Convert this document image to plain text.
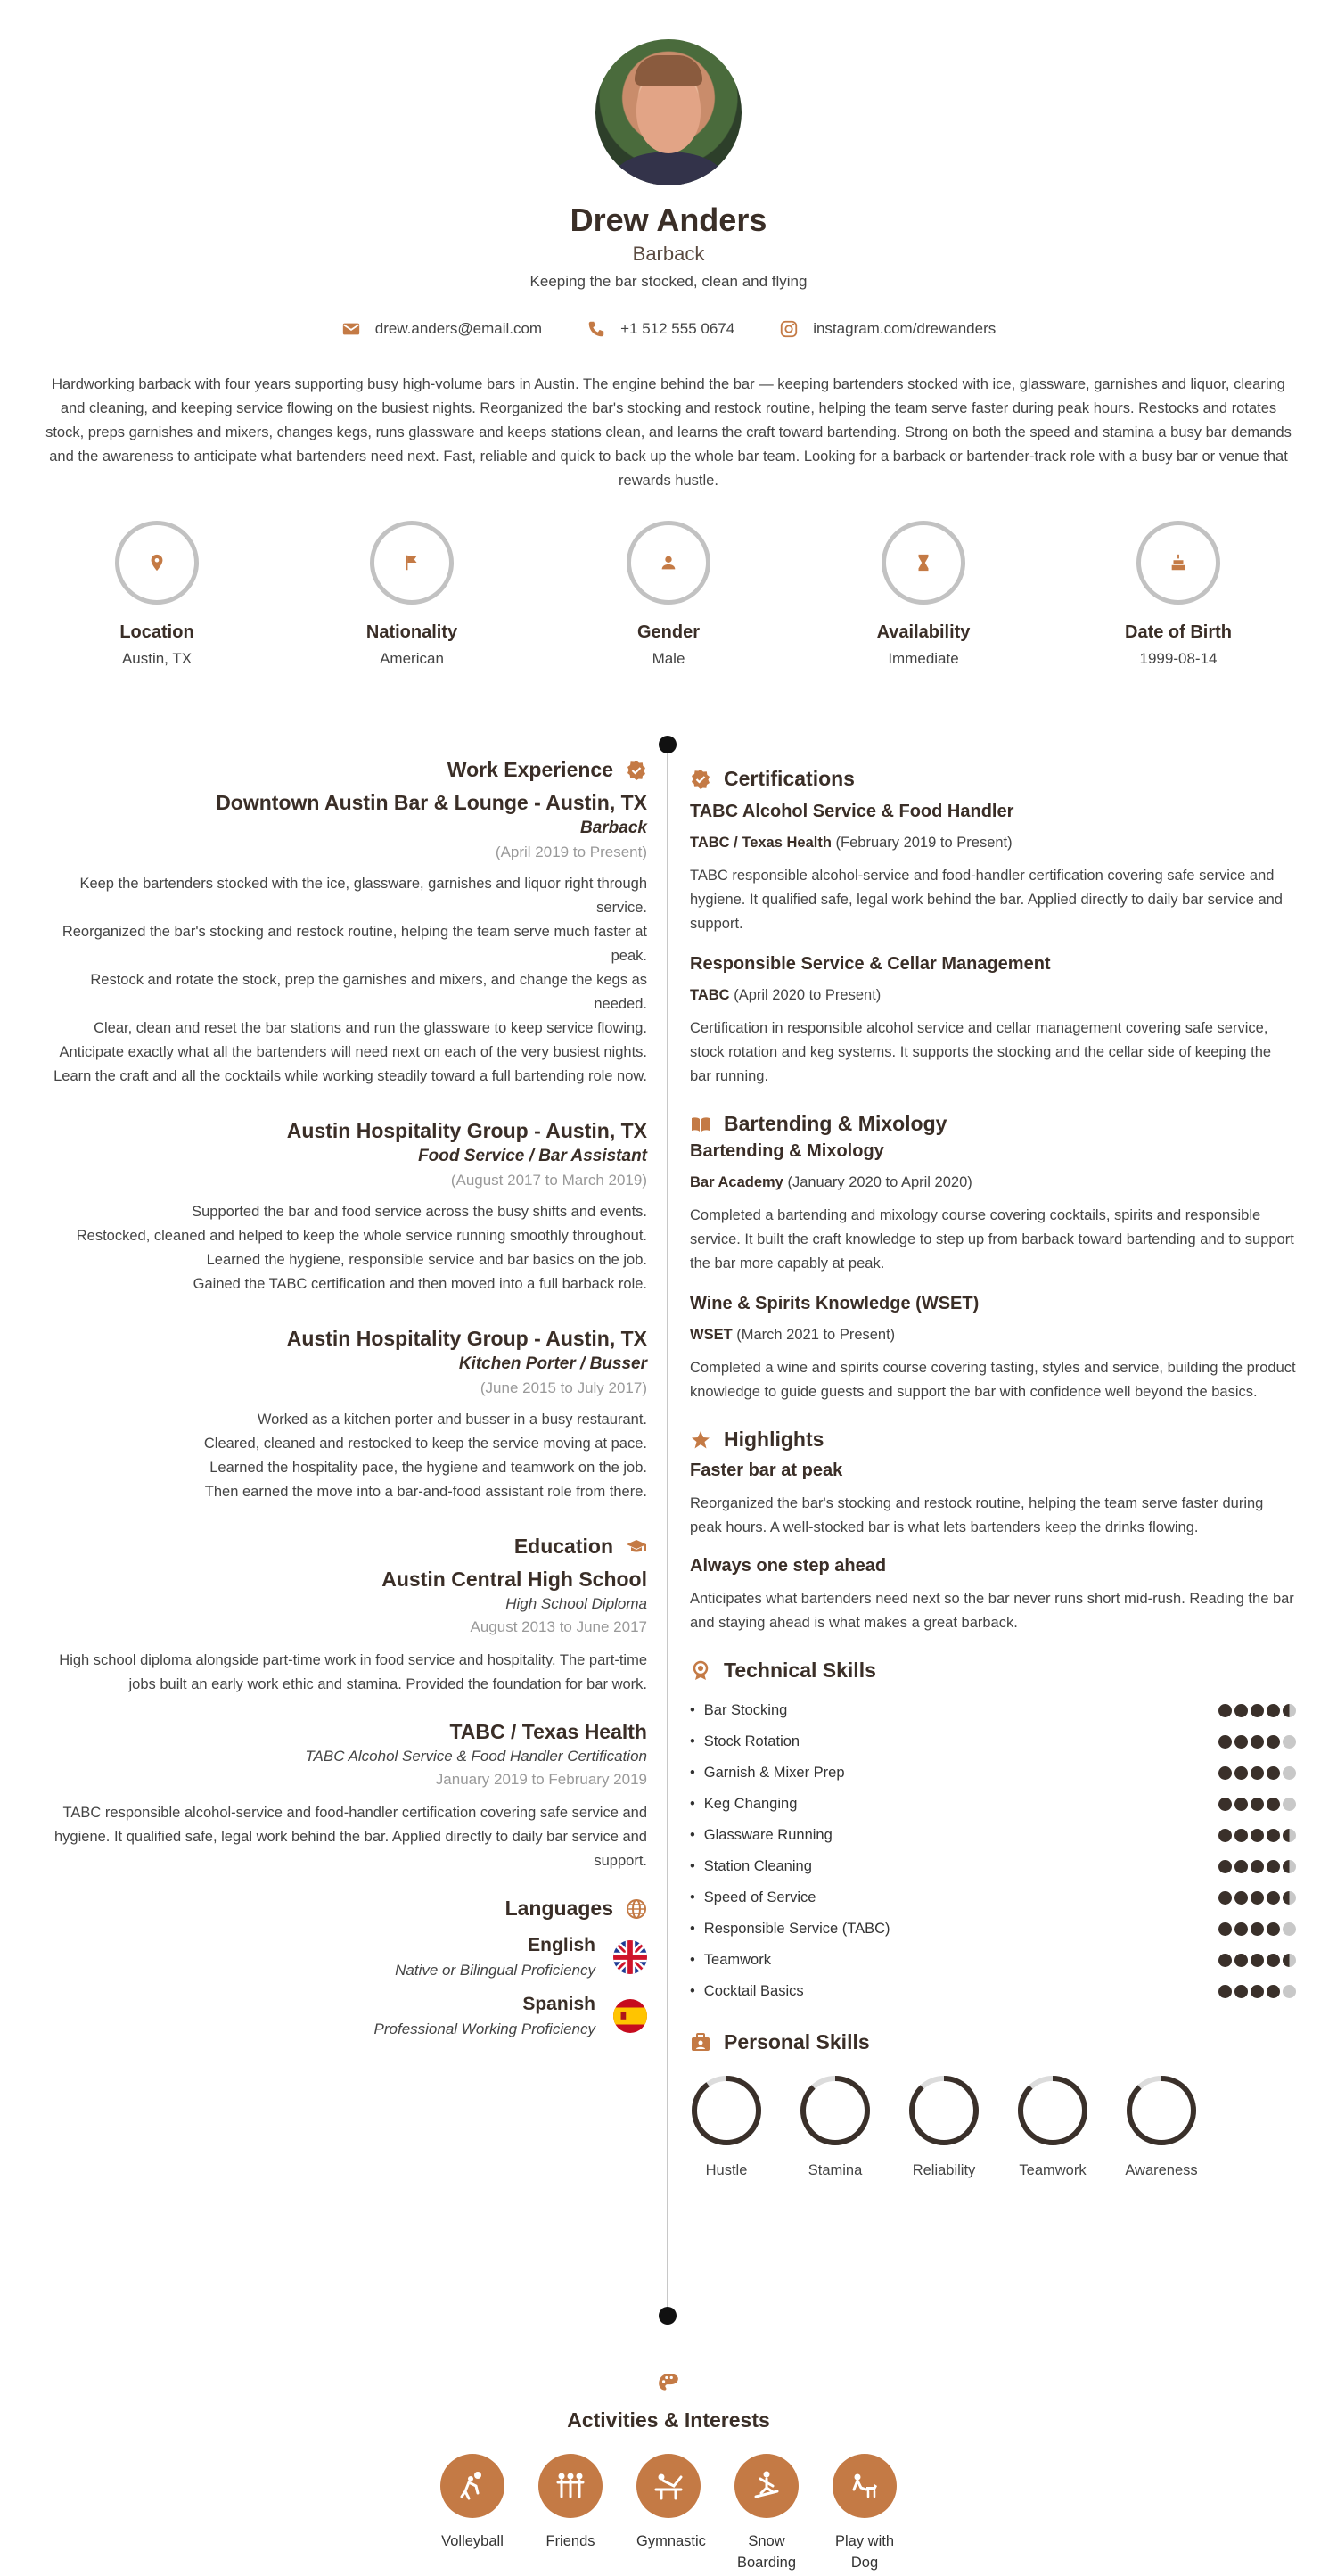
Drew Anders
Barback
Keeping the bar stocked, clean and flying
drew.anders@email.com	+1 512 555 0674	instagram.com/drewanders
Hardworking barback with four years supporting busy high-volume bars in Austin. The engine behind the bar — keeping bartenders stocked with ice, glassware, garnishes and liquor, clearing and cleaning, and keeping service flowing on the busiest nights. Reorganized the bar's stocking and restock routine, helping the team serve faster during peak hours. Restocks and rotates stock, preps garnishes and mixers, changes kegs, runs glassware and keeps stations clean, and learns the craft toward bartending. Strong on both the speed and stamina a busy bar demands and the awareness to anticipate what bartenders need next. Fast, reliable and quick to back up the whole bar team. Looking for a barback or bartender-track role with a busy bar or venue that rewards hustle.
Location
Austin, TX
Nationality
American
Gender
Male
Availability
Immediate
Date of Birth
1999-08-14
Work Experience
Downtown Austin Bar & Lounge - Austin, TX
Barback
(April 2019 to Present)
Keep the bartenders stocked with the ice, glassware, garnishes and liquor right through service.
Reorganized the bar's stocking and restock routine, helping the team serve much faster at peak.
Restock and rotate the stock, prep the garnishes and mixers, and change the kegs as needed.
Clear, clean and reset the bar stations and run the glassware to keep service flowing.
Anticipate exactly what all the bartenders will need next on each of the very busiest nights.
Learn the craft and all the cocktails while working steadily toward a full bartending role now.
Austin Hospitality Group - Austin, TX
Food Service / Bar Assistant
(August 2017 to March 2019)
Supported the bar and food service across the busy shifts and events.
Restocked, cleaned and helped to keep the whole service running smoothly throughout.
Learned the hygiene, responsible service and bar basics on the job.
Gained the TABC certification and then moved into a full barback role.
Austin Hospitality Group - Austin, TX
Kitchen Porter / Busser
(June 2015 to July 2017)
Worked as a kitchen porter and busser in a busy restaurant.
Cleared, cleaned and restocked to keep the service moving at pace.
Learned the hospitality pace, the hygiene and teamwork on the job.
Then earned the move into a bar-and-food assistant role from there.
Education
Austin Central High School
High School Diploma
August 2013 to June 2017
High school diploma alongside part-time work in food service and hospitality. The part-time jobs built an early work ethic and stamina. Provided the foundation for bar work.
TABC / Texas Health
TABC Alcohol Service & Food Handler Certification
January 2019 to February 2019
TABC responsible alcohol-service and food-handler certification covering safe service and hygiene. It qualified safe, legal work behind the bar. Applied directly to daily bar service and support.
Languages
English
Native or Bilingual Proficiency
Spanish
Professional Working Proficiency
Certifications
TABC Alcohol Service & Food Handler
TABC / Texas Health (February 2019 to Present)
TABC responsible alcohol-service and food-handler certification covering safe service and hygiene. It qualified safe, legal work behind the bar. Applied directly to daily bar service and support.
Responsible Service & Cellar Management
TABC (April 2020 to Present)
Certification in responsible alcohol service and cellar management covering safe service, stock rotation and keg systems. It supports the stocking and the cellar side of keeping the bar running.
Bartending & Mixology
Bartending & Mixology
Bar Academy (January 2020 to April 2020)
Completed a bartending and mixology course covering cocktails, spirits and responsible service. It built the craft knowledge to step up from barback toward bartending and to support the bar more capably at peak.
Wine & Spirits Knowledge (WSET)
WSET (March 2021 to Present)
Completed a wine and spirits course covering tasting, styles and service, building the product knowledge to guide guests and support the bar with confidence well beyond the basics.
Highlights
Faster bar at peak
Reorganized the bar's stocking and restock routine, helping the team serve faster during peak hours. A well-stocked bar is what lets bartenders keep the drinks flowing.
Always one step ahead
Anticipates what bartenders need next so the bar never runs short mid-rush. Reading the bar and staying ahead is what makes a great barback.
Technical Skills
• Bar Stocking
• Stock Rotation
• Garnish & Mixer Prep
• Keg Changing
• Glassware Running
• Station Cleaning
• Speed of Service
• Responsible Service (TABC)
• Teamwork
• Cocktail Basics
Personal Skills
Hustle	Stamina	Reliability	Teamwork	Awareness
Activities & Interests
Volleyball	Friends	Gymnastic	Snow Boarding
Play with Dog
